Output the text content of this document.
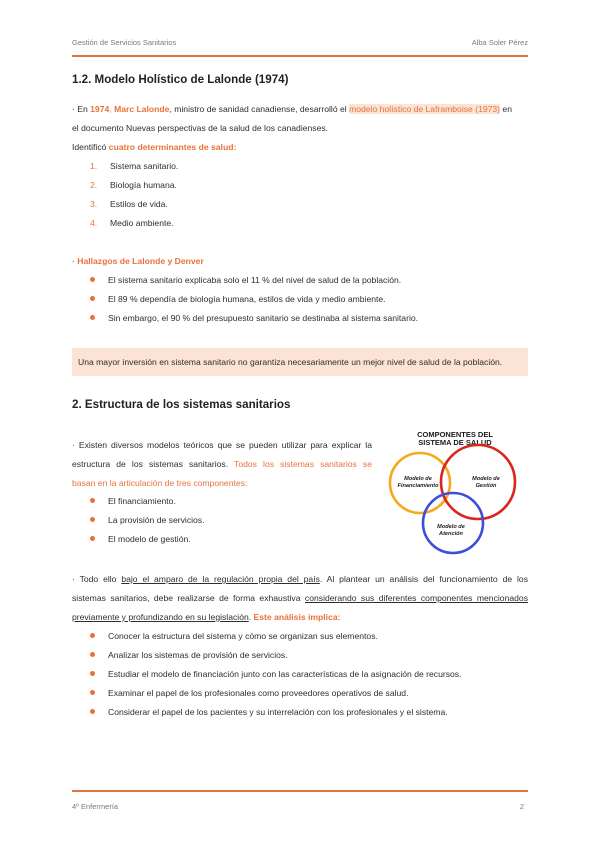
Gestión de Servicios Sanitarios	Alba Soler Pérez
1.2. Modelo Holístico de Lalonde (1974)
· En 1974, Marc Lalonde, ministro de sanidad canadiense, desarrolló el modelo holístico de Laframboise (1973) en
el documento Nuevas perspectivas de la salud de los canadienses.
Identificó cuatro determinantes de salud:
1. Sistema sanitario.
2. Biología humana.
3. Estilos de vida.
4. Medio ambiente.
· Hallazgos de Lalonde y Denver
El sistema sanitario explicaba solo el 11 % del nivel de salud de la población.
El 89 % dependía de biología humana, estilos de vida y medio ambiente.
Sin embargo, el 90 % del presupuesto sanitario se destinaba al sistema sanitario.
Una mayor inversión en sistema sanitario no garantiza necesariamente un mejor nivel de salud de la población.
2. Estructura de los sistemas sanitarios
· Existen diversos modelos teóricos que se pueden utilizar para explicar la
estructura de los sistemas sanitarios. Todos los sistemas sanitarios se
basan en la articulación de tres componentes:
El financiamiento.
La provisión de servicios.
El modelo de gestión.
COMPONENTES DEL
SISTEMA DE SALUD
Modelo de
Financiamiento
Modelo de
Gestión
Modelo de
Atención
· Todo ello bajo el amparo de la regulación propia del país. Al plantear un análisis del funcionamiento de los
sistemas sanitarios, debe realizarse de forma exhaustiva considerando sus diferentes componentes mencionados
previamente y profundizando en su legislación. Este análisis implica:
Conocer la estructura del sistema y cómo se organizan sus elementos.
Analizar los sistemas de provisión de servicios.
Estudiar el modelo de financiación junto con las características de la asignación de recursos.
Examinar el papel de los profesionales como proveedores operativos de salud.
Considerar el papel de los pacientes y su interrelación con los profesionales y el sistema.
4º Enfermería	2
